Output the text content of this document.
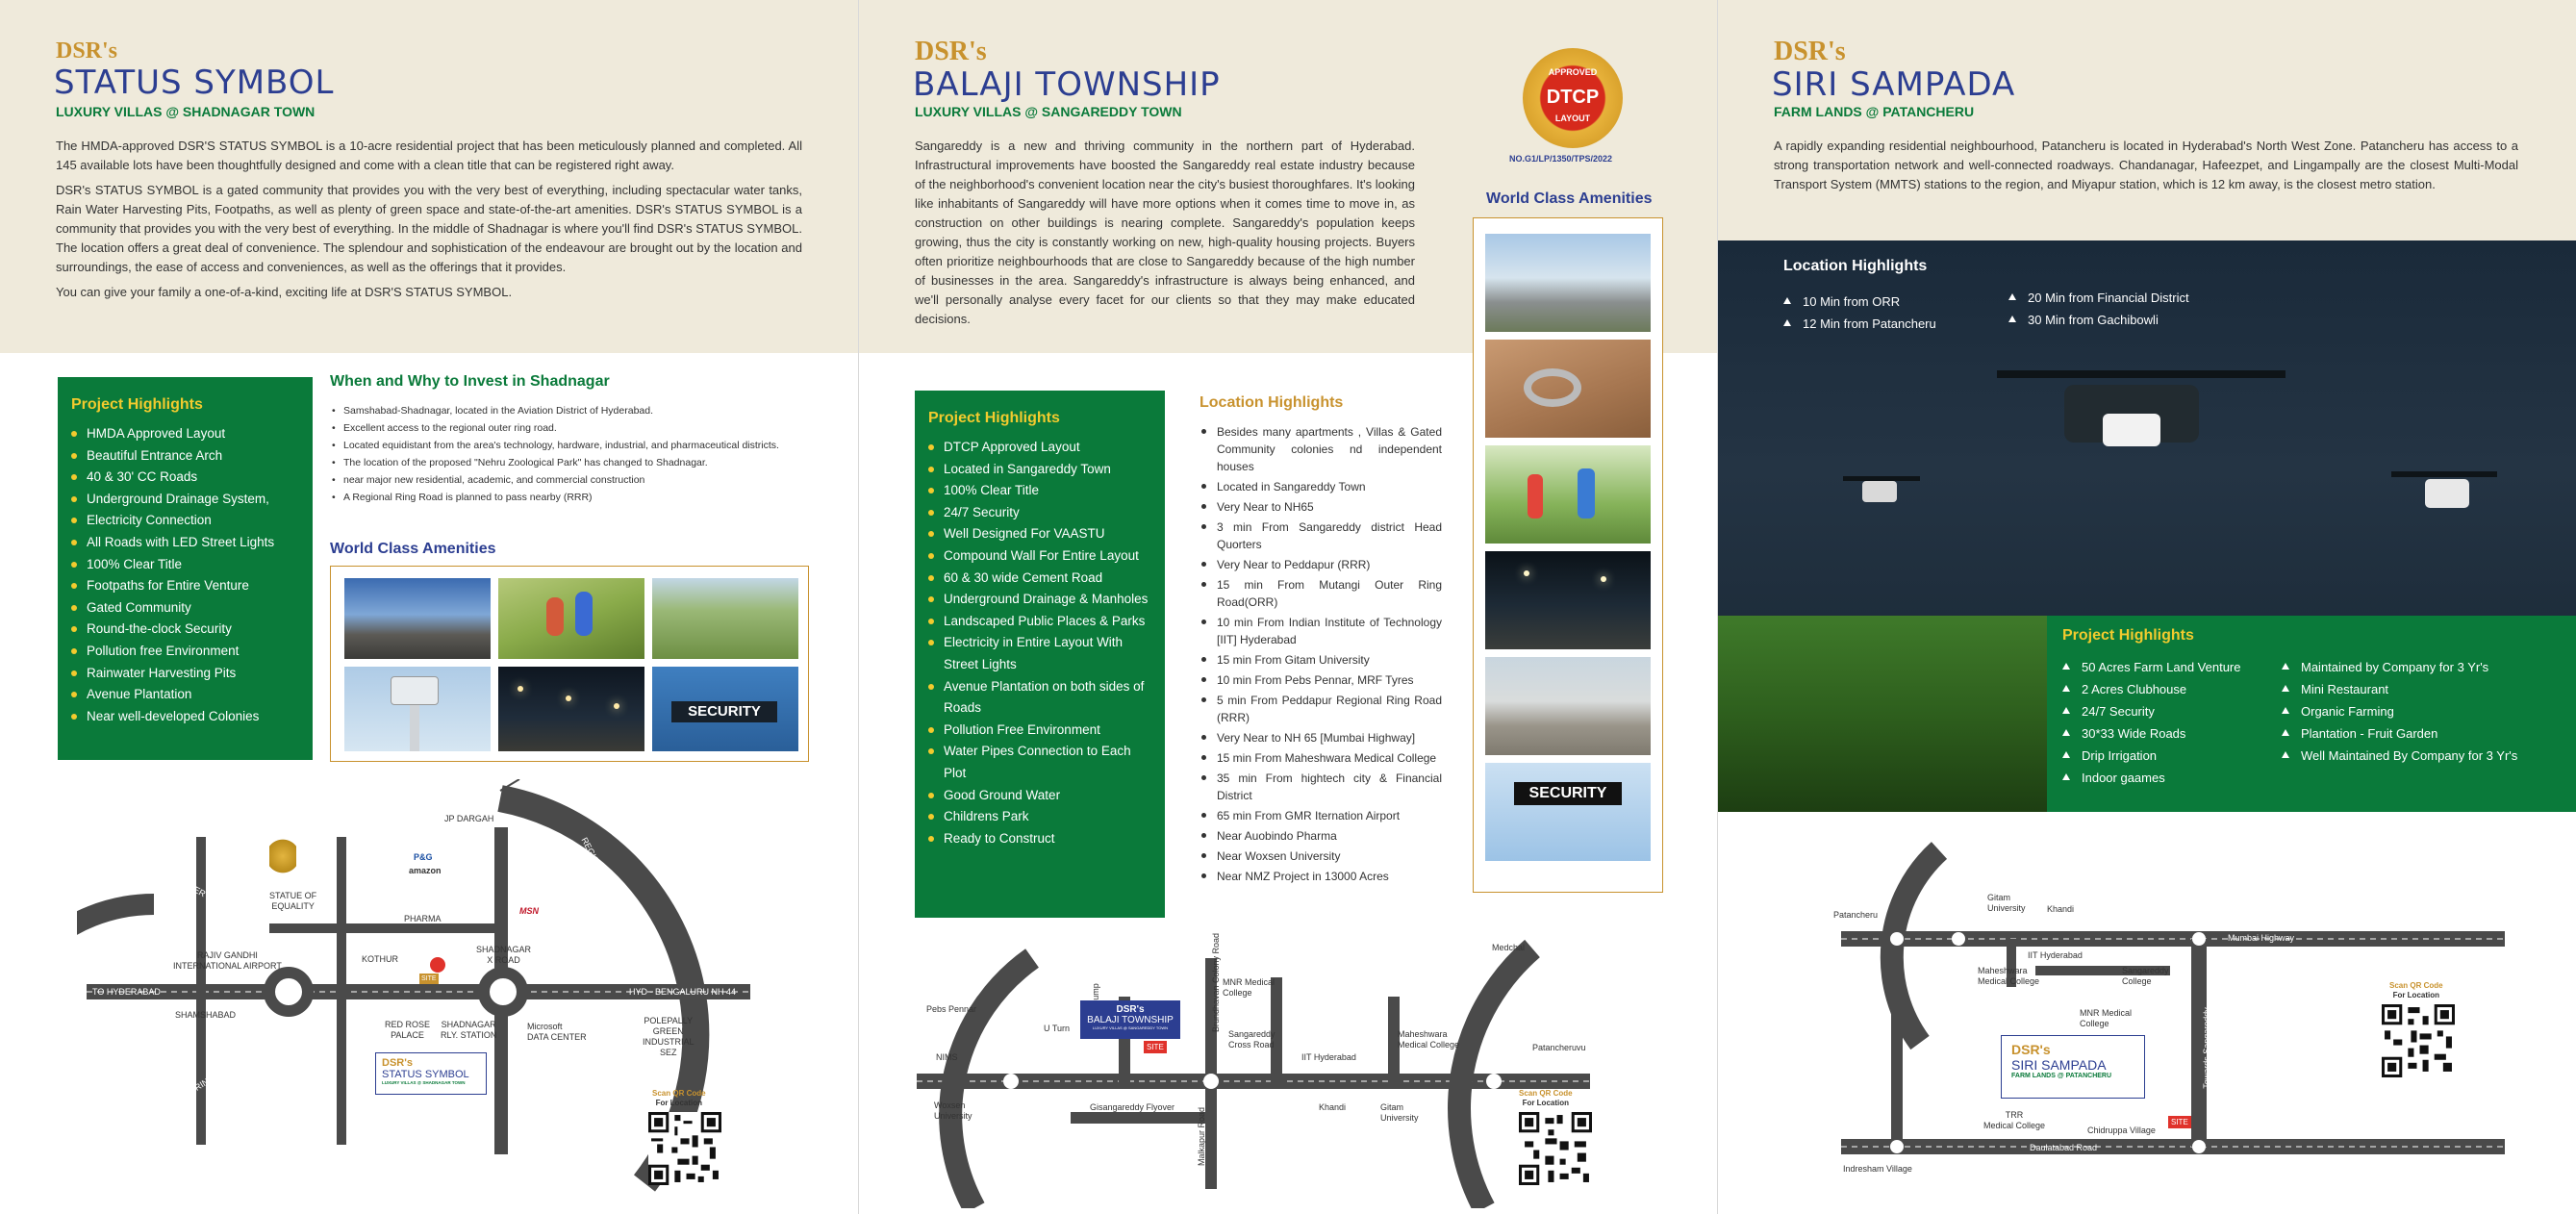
DSR's
STATUS SYMBOL
LUXURY VILLAS @ SHADNAGAR TOWN

The HMDA-approved DSR'S STATUS SYMBOL is a 10-acre residential project that has been meticulously planned and completed. All 145 available lots have been thoughtfully designed and come with a clean title that can be registered right away.

DSR's STATUS SYMBOL is a gated community that provides you with the very best of everything, including spectacular water tanks, Rain Water Harvesting Pits, Footpaths, as well as plenty of green space and state-of-the-art amenities. DSR's STATUS SYMBOL is a community that provides you with the very best of everything. In the middle of Shadnagar is where you'll find DSR's STATUS SYMBOL. The location offers a great deal of convenience. The splendour and sophistication of the endeavour are brought out by the location and surroundings, the ease of access and conveniences, as well as the offerings that it provides.

You can give your family a one-of-a-kind, exciting life at DSR'S STATUS SYMBOL.

Project Highlights
HMDA Approved Layout
Beautiful Entrance Arch
40 & 30' CC Roads
Underground Drainage System,
Electricity Connection
All Roads with LED Street Lights
100% Clear Title
Footpaths for Entire Venture
Gated Community
Round-the-clock Security
Pollution free Environment
Rainwater Harvesting Pits
Avenue Plantation
Near well-developed Colonies
When and Why to Invest in Shadnagar
• Samshabad-Shadnagar, located in the Aviation District of Hyderabad.
• Excellent access to the regional outer ring road.
• Located equidistant from the area's technology, hardware, industrial, and pharmaceutical districts.
• The location of the proposed "Nehru Zoological Park" has changed to Shadnagar.
• near major new residential, academic, and commercial construction
• A Regional Ring Road is planned to pass nearby (RRR)
World Class Amenities
SECURITY
JP DARGAH
STATUE OF
EQUALITY
P&G
amazon
PHARMA
MSN
RAJIV GANDHI
INTERNATIONAL AIRPORT
TO HYDERABAD
SHAMSHABAD
KOTHUR
SHADNAGAR
X ROAD
RED ROSE
PALACE
SHADNAGAR
RLY. STATION
Microsoft
DATA CENTER
POLEPALLY
GREEN
INDUSTRIAL
SEZ
HYD - BENGALURU NH 44
OUTER RING ROAD
OUTER RING ROAD
REGIONAL RING ROAD
REGIONAL RING ROAD
SITE
DSR's
STATUS SYMBOL
LUXURY VILLAS @ SHADNAGAR TOWN
Scan QR Code
For Location
DSR's
BALAJI TOWNSHIP
LUXURY VILLAS @ SANGAREDDY TOWN
Sangareddy is a new and thriving community in the northern part of Hyderabad. Infrastructural improvements have boosted the Sangareddy real estate industry because of the neighborhood's convenient location near the city's busiest thoroughfares. It's looking like inhabitants of Sangareddy will have more options when it comes time to move in, as construction on other buildings is nearing complete. Sangareddy's population keeps growing, thus the city is constantly working on new, high-quality housing projects. Buyers often prioritize neighbourhoods that are close to Sangareddy because of the high number of businesses in the area. Sangareddy's infrastructure is always being enhanced, and we'll personally analyse every facet for our clients so that they may make educated decisions.
APPROVED
DTCP
LAYOUT
NO.G1/LP/1350/TPS/2022
World Class Amenities
SECURITY
Project Highlights
DTCP Approved Layout
Located in Sangareddy Town
100% Clear Title
24/7 Security
Well Designed For VAASTU
Compound Wall For Entire Layout
60 & 30 wide Cement Road
Underground Drainage & Manholes
Landscaped Public Places & Parks
Electricity in Entire Layout With Street Lights
Avenue Plantation on both sides of Roads
Pollution Free Environment
Water Pipes Connection to Each Plot
Good Ground Water
Childrens Park
Ready to Construct
Location Highlights
Besides many apartments , Villas & Gated Community colonies nd independent houses
Located in Sangareddy Town
Very Near to NH65
3 min From Sangareddy district Head Quorters
Very Near to Peddapur (RRR)
15 min From Mutangi Outer Ring Road(ORR)
10 min From Indian Institute of Technology [IIT] Hyderabad
15 min From Gitam University
10 min From Pebs Pennar, MRF Tyres
5 min From Peddapur Regional Ring Road (RRR)
Very Near to NH 65 [Mumbai Highway]
15 min From Maheshwara Medical College
35 min From hightech city & Financial District
65 min From GMR Iternation Airport
Near Auobindo Pharma
Near Woxsen University
Near NMZ Project in 13000 Acres
Pebs Pennar
NIMS
Woxsen
University
RRR U Turn	Brundhavan Colony Road
Malkapur Road
MNR Medical
College
Sangareddy
Cross Road
IIT Hyderabad
Maheshwara
Medical College
Medchal
ORR
Patancheruvu
Khandi	Gitam
University
Gisangareddy Flyover
DSR's
BALAJI TOWNSHIP
LUXURY VILLAS @ SANGAREDDY TOWN
SITE
Scan QR Code
For Location
DSR's
SIRI SAMPADA
FARM LANDS @ PATANCHERU
A rapidly expanding residential neighbourhood, Patancheru is located in Hyderabad's North West Zone. Patancheru has access to a strong transportation network and well-connected roadways. Chandanagar, Hafeezpet, and Lingampally are the closest Multi-Modal Transport System (MMTS) stations to the region, and Miyapur station, which is 12 km away, is the closest metro station.
Location Highlights
10 Min from ORR
12 Min from Patancheru
20 Min from Financial District
30 Min from Gachibowli
Project Highlights
50 Acres Farm Land Venture
2 Acres Clubhouse
24/7 Security
30*33 Wide Roads
Drip Irrigation
Indoor gaames
Maintained by Company for 3 Yr's
Mini Restaurant
Organic Farming
Plantation - Fruit Garden
Well Maintained By Company for 3 Yr's
Patancheru
ORR Gitam
University Khandi
Mumbai Highway
IIT Hyderabad
Maheshwara
Medical College
Sangareddy
College
MNR Medical
College	Towards Sangareddy
TRR
Medical College	Chidruppa Village
Daulatabad Road
Indresham Village
SITE
DSR's
SIRI SAMPADA
FARM LANDS @ PATANCHERU
Scan QR Code
For Location
